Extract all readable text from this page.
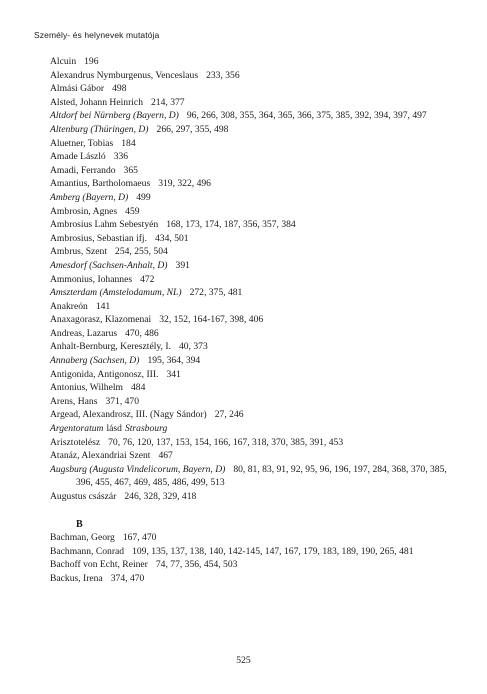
Személy- és helynevek mutatója
Alcuin 196
Alexandrus Nymburgenus, Venceslaus 233, 356
Almási Gábor 498
Alsted, Johann Heinrich 214, 377
Altdorf bei Nürnberg (Bayern, D) 96, 266, 308, 355, 364, 365, 366, 375, 385, 392, 394, 397, 497
Altenburg (Thüringen, D) 266, 297, 355, 498
Aluetner, Tobias 184
Amade László 336
Amadi, Ferrando 365
Amantius, Bartholomaeus 319, 322, 496
Amberg (Bayern, D) 499
Ambrosin, Agnes 459
Ambrosius Lahm Sebestyén 168, 173, 174, 187, 356, 357, 384
Ambrosius, Sebastian ifj. 434, 501
Ambrus, Szent 254, 255, 504
Amesdorf (Sachsen-Anhalt, D) 391
Ammonius, Iohannes 472
Amszterdam (Amstelodamum, NL) 272, 375, 481
Anakreón 141
Anaxagorasz, Klazomenai 32, 152, 164-167, 398, 406
Andreas, Lazarus 470, 486
Anhalt-Bernburg, Keresztély, I. 40, 373
Annaberg (Sachsen, D) 195, 364, 394
Antigonida, Antigonosz, III. 341
Antonius, Wilhelm 484
Arens, Hans 371, 470
Argead, Alexandrosz, III. (Nagy Sándor) 27, 246
Argentoratum lásd Strasbourg
Arisztotelész 70, 76, 120, 137, 153, 154, 166, 167, 318, 370, 385, 391, 453
Atanáz, Alexandriai Szent 467
Augsburg (Augusta Vindelicorum, Bayern, D) 80, 81, 83, 91, 92, 95, 96, 196, 197, 284, 368, 370, 385, 396, 455, 467, 469, 485, 486, 499, 513
Augustus császár 246, 328, 329, 418
B
Bachman, Georg 167, 470
Bachmann, Conrad 109, 135, 137, 138, 140, 142-145, 147, 167, 179, 183, 189, 190, 265, 481
Bachoff von Echt, Reiner 74, 77, 356, 454, 503
Backus, Irena 374, 470
525
